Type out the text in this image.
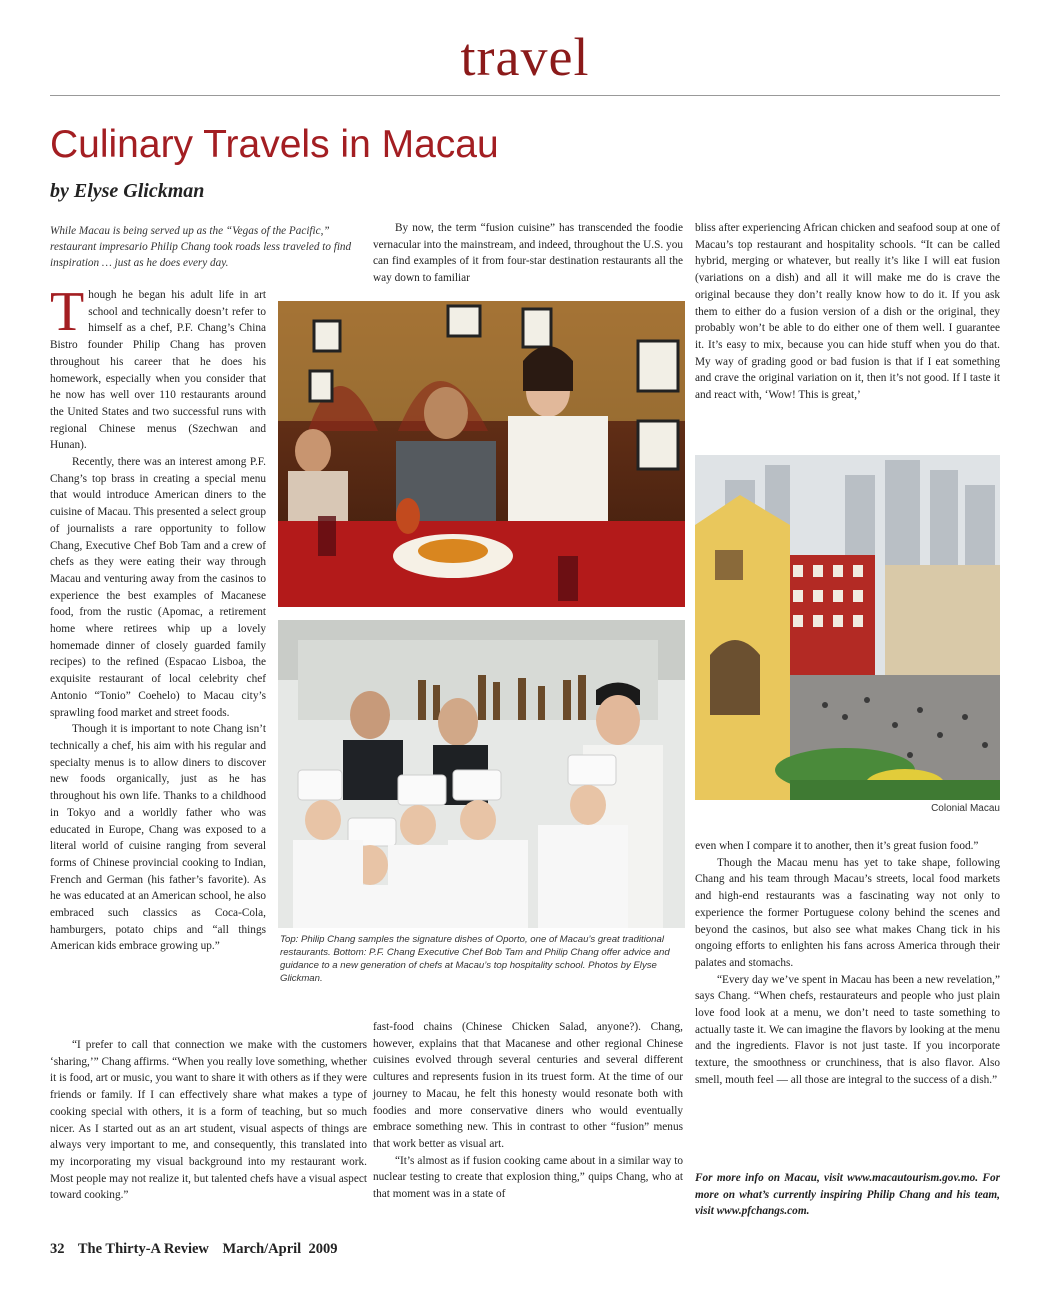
travel
Culinary Travels in Macau
by Elyse Glickman
While Macau is being served up as the “Vegas of the Pacific,” restaurant impresario Philip Chang took roads less traveled to find inspiration … just as he does every day.

Though he began his adult life in art school and technically doesn’t refer to himself as a chef, P.F. Chang’s China Bistro founder Philip Chang has proven throughout his career that he does his homework, especially when you consider that he now has well over 110 restaurants around the United States and two successful runs with regional Chinese menus (Szechwan and Hunan).

Recently, there was an interest among P.F. Chang’s top brass in creating a special menu that would introduce American diners to the cuisine of Macau. This presented a select group of journalists a rare opportunity to follow Chang, Executive Chef Bob Tam and a crew of chefs as they were eating their way through Macau and venturing away from the casinos to experience the best examples of Macanese food, from the rustic (Apomac, a retirement home where retirees whip up a lovely homemade dinner of closely guarded family recipes) to the refined (Espacao Lisboa, the exquisite restaurant of local celebrity chef Antonio “Tonio” Coehelo) to Macau city’s sprawling food market and street foods.

Though it is important to note Chang isn’t technically a chef, his aim with his regular and specialty menus is to allow diners to discover new foods organically, just as he has throughout his own life. Thanks to a childhood in Tokyo and a worldly father who was educated in Europe, Chang was exposed to a literal world of cuisine ranging from several forms of Chinese provincial cooking to Indian, French and German (his father’s favorite). As he was educated at an American school, he also embraced such classics as Coca-Cola, hamburgers, potato chips and “all things American kids embrace growing up.”

“I prefer to call that connection we make with the customers ‘sharing,’” Chang affirms. “When you really love something, whether it is food, art or music, you want to share it with others as if they were friends or family. If I can effectively share what makes a type of cooking special with others, it is a form of teaching, but so much nicer. As I started out as an art student, visual aspects of things are always very important to me, and consequently, this translated into my incorporating my visual background into my restaurant work. Most people may not realize it, but talented chefs have a visual aspect toward cooking.”

By now, the term “fusion cuisine” has transcended the foodie vernacular into the mainstream, and indeed, throughout the U.S. you can find examples of it from four-star destination restaurants all the way down to familiar

fast-food chains (Chinese Chicken Salad, anyone?). Chang, however, explains that that Macanese and other regional Chinese cuisines evolved through several centuries and several different cultures and represents fusion in its truest form. At the time of our journey to Macau, he felt this honesty would resonate both with foodies and more conservative diners who would eventually embrace something new. This in contrast to other “fusion” menus that work better as visual art.

“It’s almost as if fusion cooking came about in a similar way to nuclear testing to create that explosion thing,” quips Chang, who at that moment was in a state of

bliss after experiencing African chicken and seafood soup at one of Macau’s top restaurant and hospitality schools. “It can be called hybrid, merging or whatever, but really it’s like I will eat fusion (variations on a dish) and all it will make me do is crave the original because they don’t really know how to do it. If you ask them to either do a fusion version of a dish or the original, they probably won’t be able to do either one of them well. I guarantee it. It’s easy to mix, because you can hide stuff when you do that. My way of grading good or bad fusion is that if I eat something and crave the original variation on it, then it’s not good. If I taste it and react with, ‘Wow! This is great,’

even when I compare it to another, then it’s great fusion food.”

Though the Macau menu has yet to take shape, following Chang and his team through Macau’s streets, local food markets and high-end restaurants was a fascinating way not only to experience the former Portuguese colony behind the scenes and beyond the casinos, but also see what makes Chang tick in his ongoing efforts to enlighten his fans across America through their palates and stomachs.

“Every day we’ve spent in Macau has been a new revelation,” says Chang. “When chefs, restaurateurs and people who just plain love food look at a menu, we don’t need to taste something to actually taste it. We can imagine the flavors by looking at the menu and the ingredients. Flavor is not just taste. If you incorporate texture, the smoothness or crunchiness, that is also flavor. Also smell, mouth feel — all those are integral to the success of a dish.”

For more info on Macau, visit www.macautourism.gov.mo. For more on what’s currently inspiring Philip Chang and his team, visit www.pfchangs.com.
Top: Philip Chang samples the signature dishes of Oporto, one of Macau’s great traditional restaurants. Bottom: P.F. Chang Executive Chef Bob Tam and Philip Chang offer advice and guidance to a new generation of chefs at Macau’s top hospitality school. Photos by Elyse Glickman.
Colonial Macau
32 The Thirty-A Review March/April  2009
